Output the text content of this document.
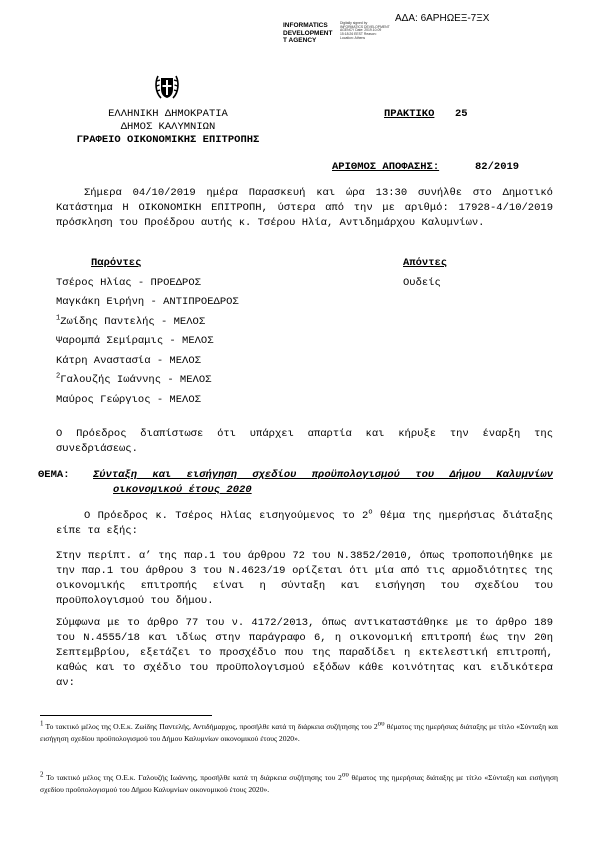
ΑΔΑ: 6ΑΡΗΩΕΞ-7ΞΧ
INFORMATICS
DEVELOPMENT
T AGENCY
Digitally signed by INFORMATICS DEVELOPMENT AGENCY Date: 2019.10.09 15:18:26 EEST Reason: Location: Athens
ΕΛΛΗΝΙΚΗ ΔΗΜΟΚΡΑΤΙΑ
ΔΗΜΟΣ ΚΑΛΥΜΝΙΩΝ
ΓΡΑΦΕΙΟ ΟΙΚΟΝΟΜΙΚΗΣ ΕΠΙΤΡΟΠΗΣ
ΠΡΑΚΤΙΚΟ 25
ΑΡΙΘΜΟΣ ΑΠΟΦΑΣΗΣ:	82/2019
Σήμερα 04/10/2019 ημέρα Παρασκευή και ώρα 13:30 συνήλθε στο Δημοτικό Κατάστημα Η ΟΙΚΟΝΟΜΙΚΗ ΕΠΙΤΡΟΠΗ, ύστερα από την με αριθμό: 17928-4/10/2019 πρόσκληση του Προέδρου αυτής κ. Τσέρου Ηλία, Αντιδημάρχου Καλυμνίων.
Παρόντες	Απόντες
Ουδείς
Τσέρος Ηλίας - ΠΡΟΕΔΡΟΣ
Μαγκάκη Ειρήνη - ΑΝΤΙΠΡΟΕΔΡΟΣ
$^1$Ζωίδης Παντελής - ΜΕΛΟΣ
Ψαρομπά Σεμίραμις - ΜΕΛΟΣ
Κάτρη Αναστασία - ΜΕΛΟΣ
$^2$Γαλουζής Ιωάννης - ΜΕΛΟΣ
Μαύρος Γεώργιος - ΜΕΛΟΣ
Ο Πρόεδρος διαπίστωσε ότι υπάρχει απαρτία και κήρυξε την έναρξη της συνεδριάσεως.
ΘΕΜΑ: Σύνταξη και εισήγηση σχεδίου προϋπολογισμού του Δήμου Καλυμνίων
οικονομικού έτους 2020
Ο Πρόεδρος κ. Τσέρος Ηλίας εισηγούμενος το $2^o$ θέμα της ημερήσιας διάταξης είπε τα εξής:
Στην περίπτ. α’ της παρ.1 του άρθρου 72 του Ν.3852/2010, όπως τροποποιήθηκε με την παρ.1 του άρθρου 3 του Ν.4623/19 ορίζεται ότι μία από τις αρμοδιότητες της οικονομικής επιτροπής είναι η σύνταξη και εισήγηση του σχεδίου του προϋπολογισμού του δήμου.
Σύμφωνα με το άρθρο 77 του ν. 4172/2013, όπως αντικαταστάθηκε με το άρθρο 189 του Ν.4555/18 και ιδίως στην παράγραφο 6, η οικονομική επιτροπή έως την 20η Σεπτεμβρίου, εξετάζει το προσχέδιο που της παραδίδει η εκτελεστική επιτροπή, καθώς και το σχέδιο του προϋπολογισμού εξόδων κάθε κοινότητας και ειδικότερα αν:
$^1$ Το τακτικό μέλος της Ο.Ε.κ. Ζωίδης Παντελής, Αντιδήμαρχος, προσήλθε κατά τη διάρκεια συζήτησης του $2^{o\upsilon}$ θέματος της ημερήσιας διάταξης με τίτλο «Σύνταξη και εισήγηση σχεδίου προϋπολογισμού του Δήμου Καλυμνίων οικονομικού έτους 2020».
$^2$ Το τακτικό μέλος της Ο.Ε.κ. Γαλουζής Ιωάννης, προσήλθε κατά τη διάρκεια συζήτησης του $2^{o\upsilon}$ θέματος της ημερήσιας διάταξης με τίτλο «Σύνταξη και εισήγηση σχεδίου προϋπολογισμού του Δήμου Καλυμνίων οικονομικού έτους 2020».
